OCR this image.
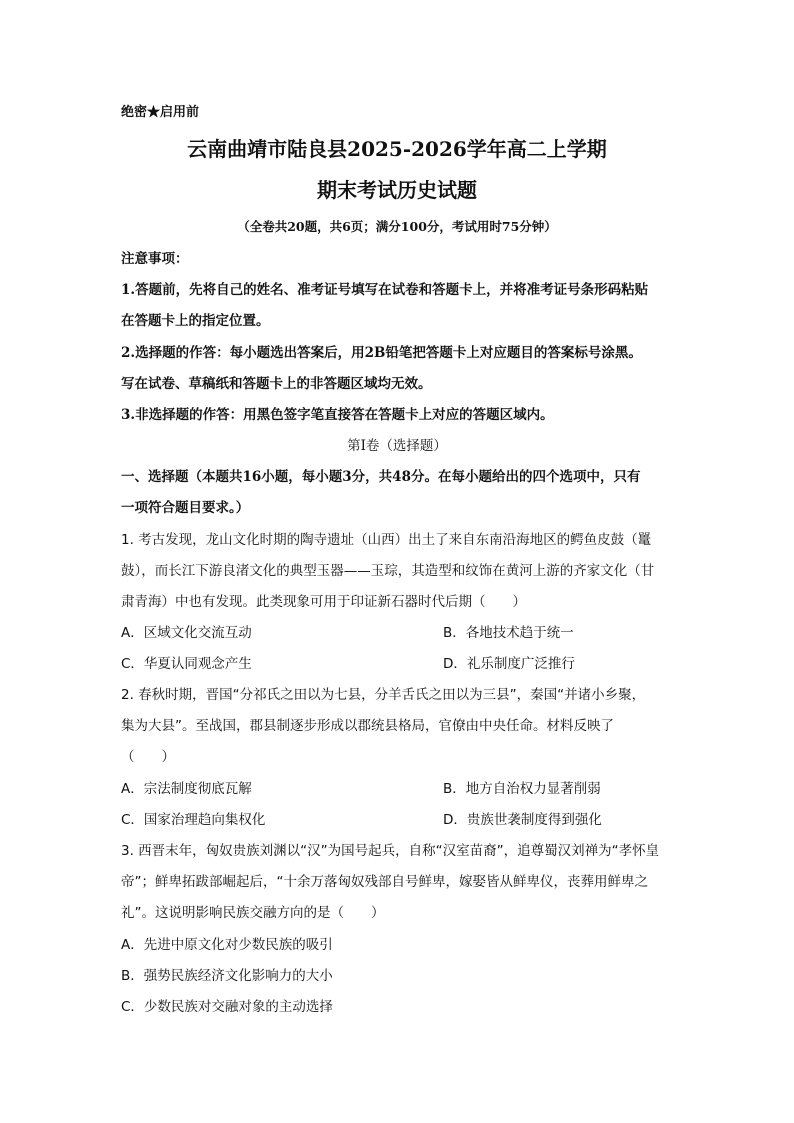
绝密★启用前
云南曲靖市陆良县2025-2026学年高二上学期
期末考试历史试题
（全卷共20题，共6页；满分100分，考试用时75分钟）
注意事项：
1.答题前，先将自己的姓名、准考证号填写在试卷和答题卡上，并将准考证号条形码粘贴
在答题卡上的指定位置。
2.选择题的作答：每小题选出答案后，用2B铅笔把答题卡上对应题目的答案标号涂黑。
写在试卷、草稿纸和答题卡上的非答题区域均无效。
3.非选择题的作答：用黑色签字笔直接答在答题卡上对应的答题区域内。
第Ⅰ卷（选择题）
一、选择题（本题共16小题，每小题3分，共48分。在每小题给出的四个选项中，只有
一项符合题目要求。）
1. 考古发现，龙山文化时期的陶寺遗址（山西）出土了来自东南沿海地区的鳄鱼皮鼓（鼍
鼓），而长江下游良渚文化的典型玉器——玉琮，其造型和纹饰在黄河上游的齐家文化（甘
肃青海）中也有发现。此类现象可用于印证新石器时代后期（　　）
A．区域文化交流互动	B．各地技术趋于统一
C．华夏认同观念产生	D．礼乐制度广泛推行
2. 春秋时期，晋国“分祁氏之田以为七县，分羊舌氏之田以为三县”，秦国“并诸小乡聚，
集为大县”。至战国，郡县制逐步形成以郡统县格局，官僚由中央任命。材料反映了
（　　）
A．宗法制度彻底瓦解	B．地方自治权力显著削弱
C．国家治理趋向集权化	D．贵族世袭制度得到强化
3. 西晋末年，匈奴贵族刘渊以“汉”为国号起兵，自称“汉室苗裔”，追尊蜀汉刘禅为“孝怀皇
帝”；鲜卑拓跋部崛起后，“十余万落匈奴残部自号鲜卑，嫁娶皆从鲜卑仪，丧葬用鲜卑之
礼”。这说明影响民族交融方向的是（　　）
A．先进中原文化对少数民族的吸引
B．强势民族经济文化影响力的大小
C．少数民族对交融对象的主动选择
